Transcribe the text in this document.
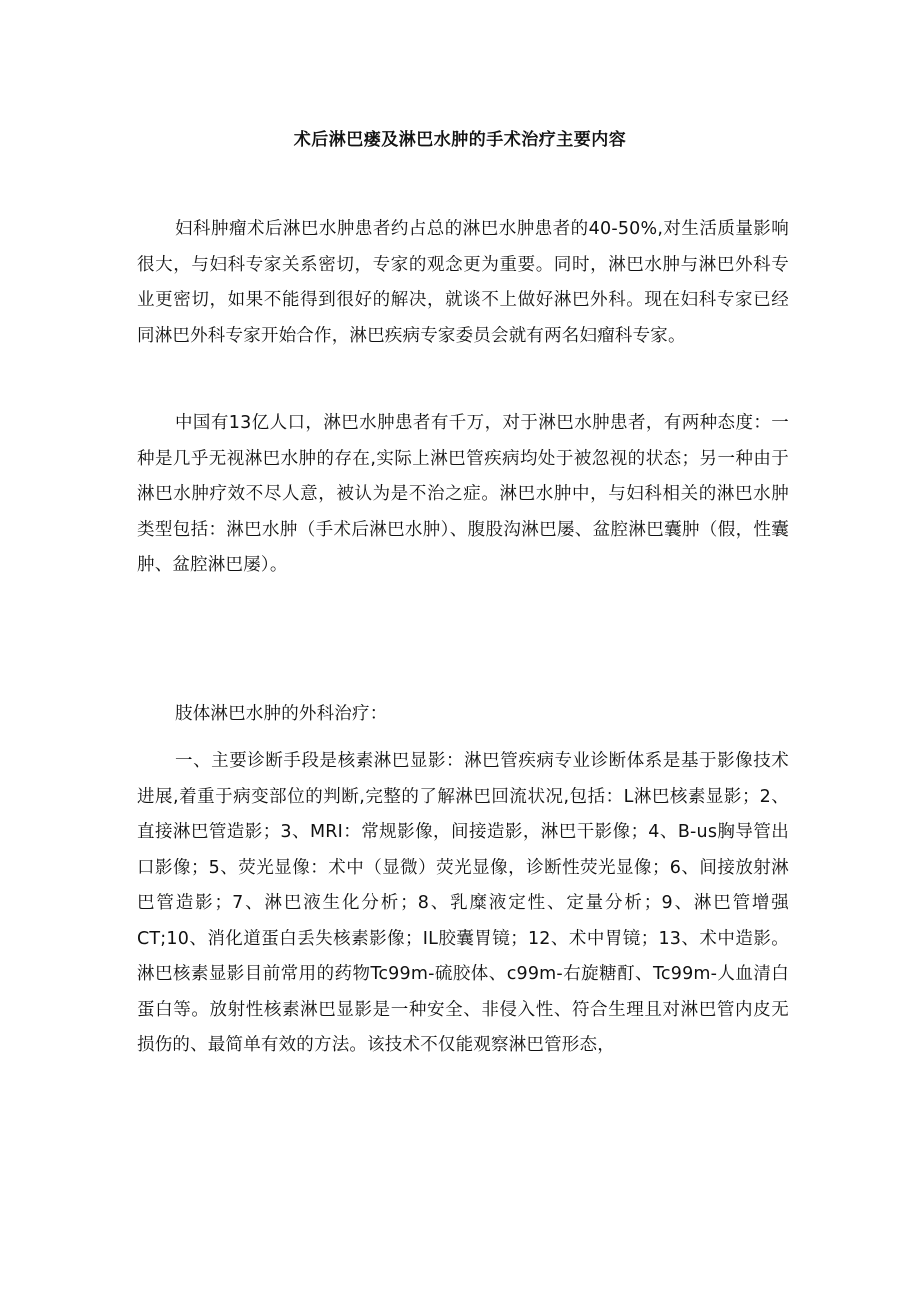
术后淋巴瘘及淋巴水肿的手术治疗主要内容

妇科肿瘤术后淋巴水肿患者约占总的淋巴水肿患者的40-50%,对生活质量影响很大，与妇科专家关系密切，专家的观念更为重要。同时，淋巴水肿与淋巴外科专业更密切，如果不能得到很好的解决，就谈不上做好淋巴外科。现在妇科专家已经同淋巴外科专家开始合作，淋巴疾病专家委员会就有两名妇瘤科专家。

中国有13亿人口，淋巴水肿患者有千万，对于淋巴水肿患者，有两种态度：一种是几乎无视淋巴水肿的存在,实际上淋巴管疾病均处于被忽视的状态；另一种由于淋巴水肿疗效不尽人意，被认为是不治之症。淋巴水肿中，与妇科相关的淋巴水肿类型包括：淋巴水肿（手术后淋巴水肿）、腹股沟淋巴屡、盆腔淋巴囊肿（假，性囊肿、盆腔淋巴屡）。

肢体淋巴水肿的外科治疗：

一、主要诊断手段是核素淋巴显影：淋巴管疾病专业诊断体系是基于影像技术进展,着重于病变部位的判断,完整的了解淋巴回流状况,包括：L淋巴核素显影；2、直接淋巴管造影；3、MRI：常规影像，间接造影，淋巴干影像；4、B-us胸导管出口影像；5、荧光显像：术中（显微）荧光显像，诊断性荧光显像；6、间接放射淋巴管造影；7、淋巴液生化分析；8、乳糜液定性、定量分析；9、淋巴管增强CT;10、消化道蛋白丢失核素影像；IL胶囊胃镜；12、术中胃镜；13、术中造影。淋巴核素显影目前常用的药物Tc99m-硫胶体、c99m-右旋糖酊、Tc99m-人血清白蛋白等。放射性核素淋巴显影是一种安全、非侵入性、符合生理且对淋巴管内皮无损伤的、最简单有效的方法。该技术不仅能观察淋巴管形态，
